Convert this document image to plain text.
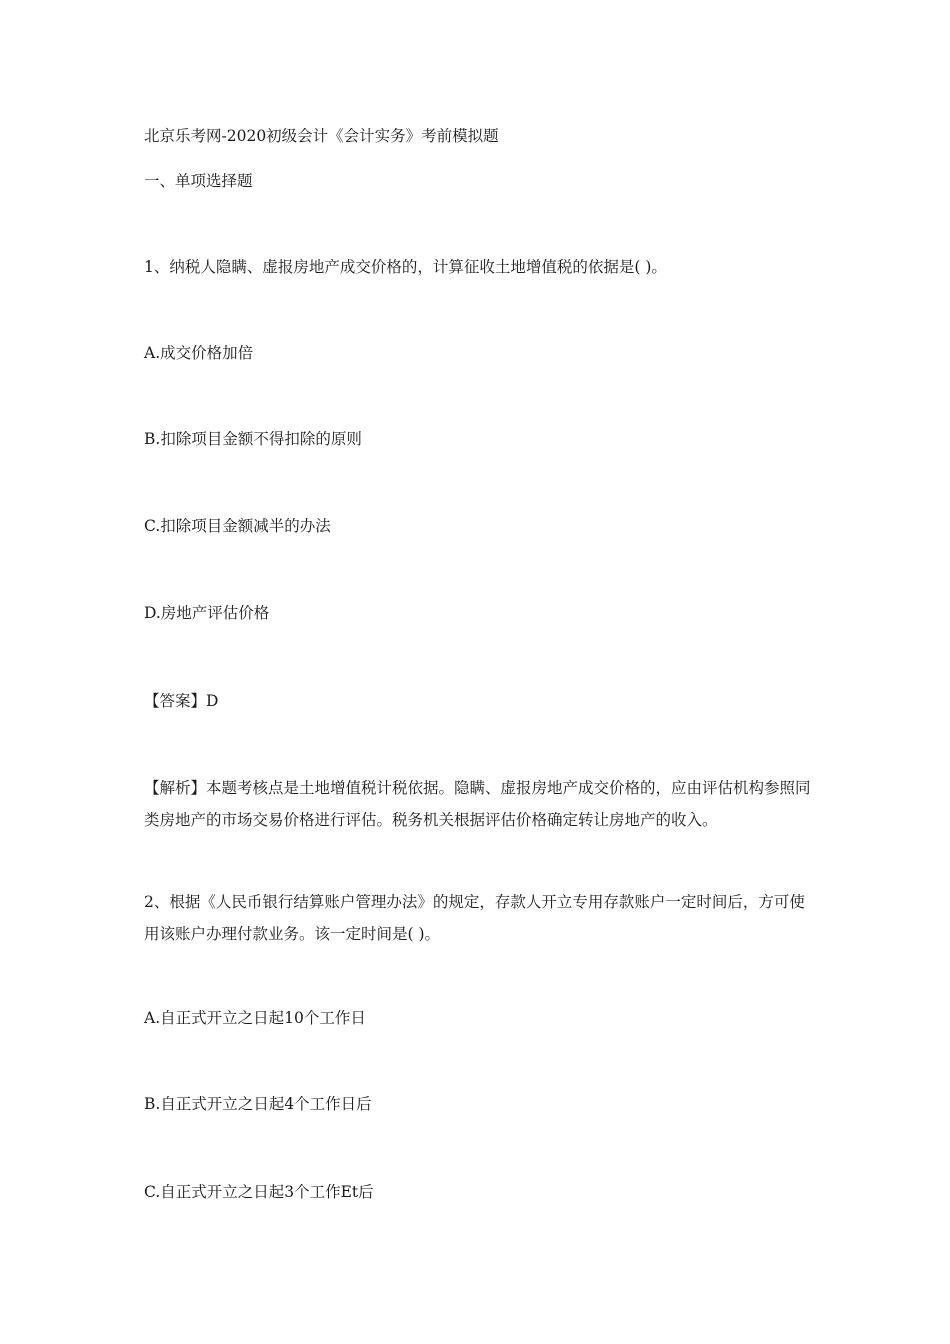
北京乐考网-2020初级会计《会计实务》考前模拟题
一、单项选择题
1、纳税人隐瞒、虚报房地产成交价格的，计算征收土地增值税的依据是( )。
A.成交价格加倍
B.扣除项目金额不得扣除的原则
C.扣除项目金额减半的办法
D.房地产评估价格
【答案】D
【解析】本题考核点是土地增值税计税依据。隐瞒、虚报房地产成交价格的，应由评估机构参照同类房地产的市场交易价格进行评估。税务机关根据评估价格确定转让房地产的收入。
2、根据《人民币银行结算账户管理办法》的规定，存款人开立专用存款账户一定时间后，方可使用该账户办理付款业务。该一定时间是( )。
A.自正式开立之日起10个工作日
B.自正式开立之日起4个工作日后
C.自正式开立之日起3个工作Et后
